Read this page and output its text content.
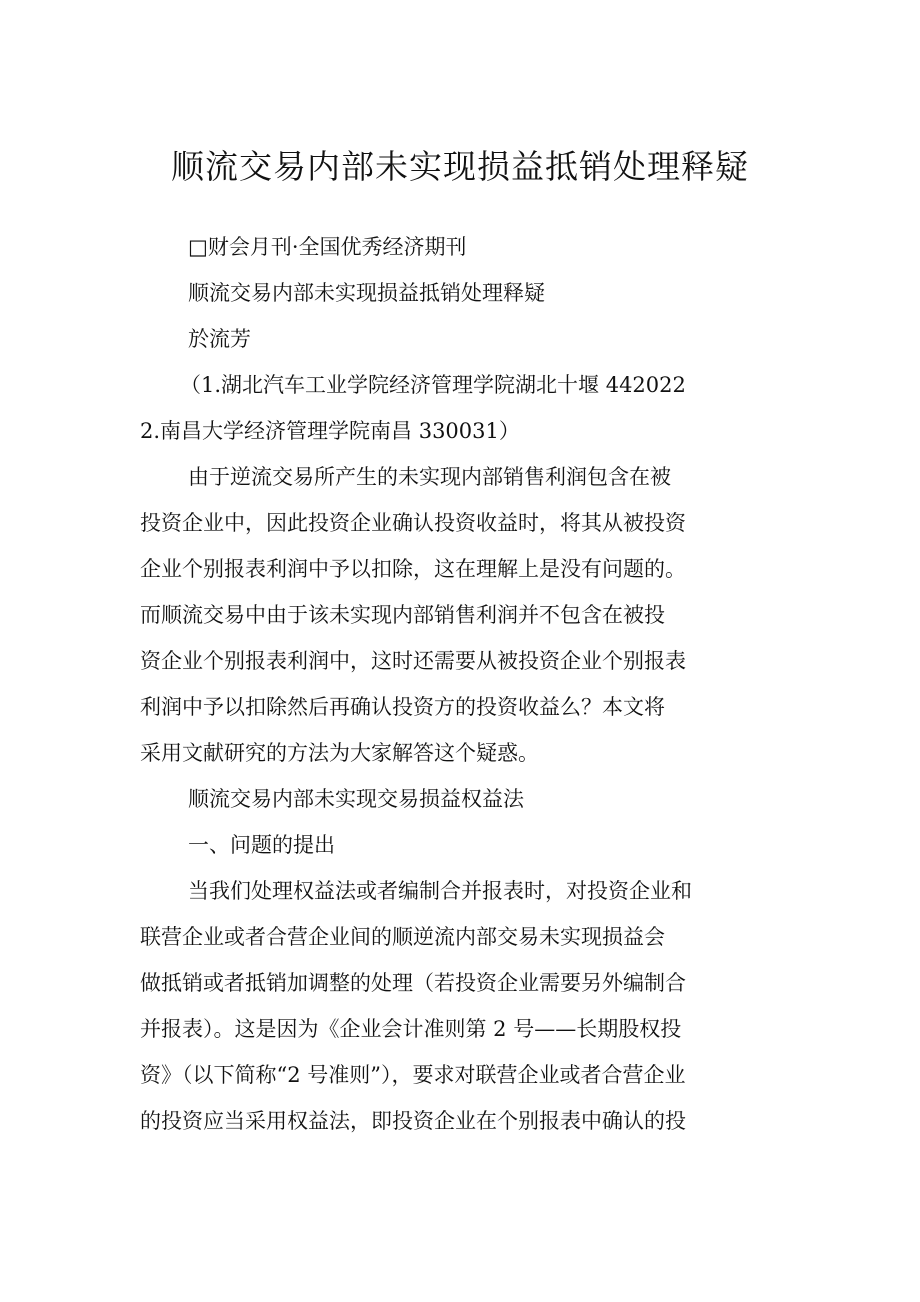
顺流交易内部未实现损益抵销处理释疑
□财会月刊·全国优秀经济期刊
顺流交易内部未实现损益抵销处理释疑
於流芳
（1.湖北汽车工业学院经济管理学院湖北十堰 442022
2.南昌大学经济管理学院南昌 330031）
由于逆流交易所产生的未实现内部销售利润包含在被
投资企业中，因此投资企业确认投资收益时，将其从被投资
企业个别报表利润中予以扣除，这在理解上是没有问题的。
而顺流交易中由于该未实现内部销售利润并不包含在被投
资企业个别报表利润中，这时还需要从被投资企业个别报表
利润中予以扣除然后再确认投资方的投资收益么？本文将
采用文献研究的方法为大家解答这个疑惑。
顺流交易内部未实现交易损益权益法
一、问题的提出
当我们处理权益法或者编制合并报表时，对投资企业和
联营企业或者合营企业间的顺逆流内部交易未实现损益会
做抵销或者抵销加调整的处理（若投资企业需要另外编制合
并报表）。这是因为《企业会计准则第 2 号——长期股权投
资》（以下简称“2 号准则”），要求对联营企业或者合营企业
的投资应当采用权益法，即投资企业在个别报表中确认的投
